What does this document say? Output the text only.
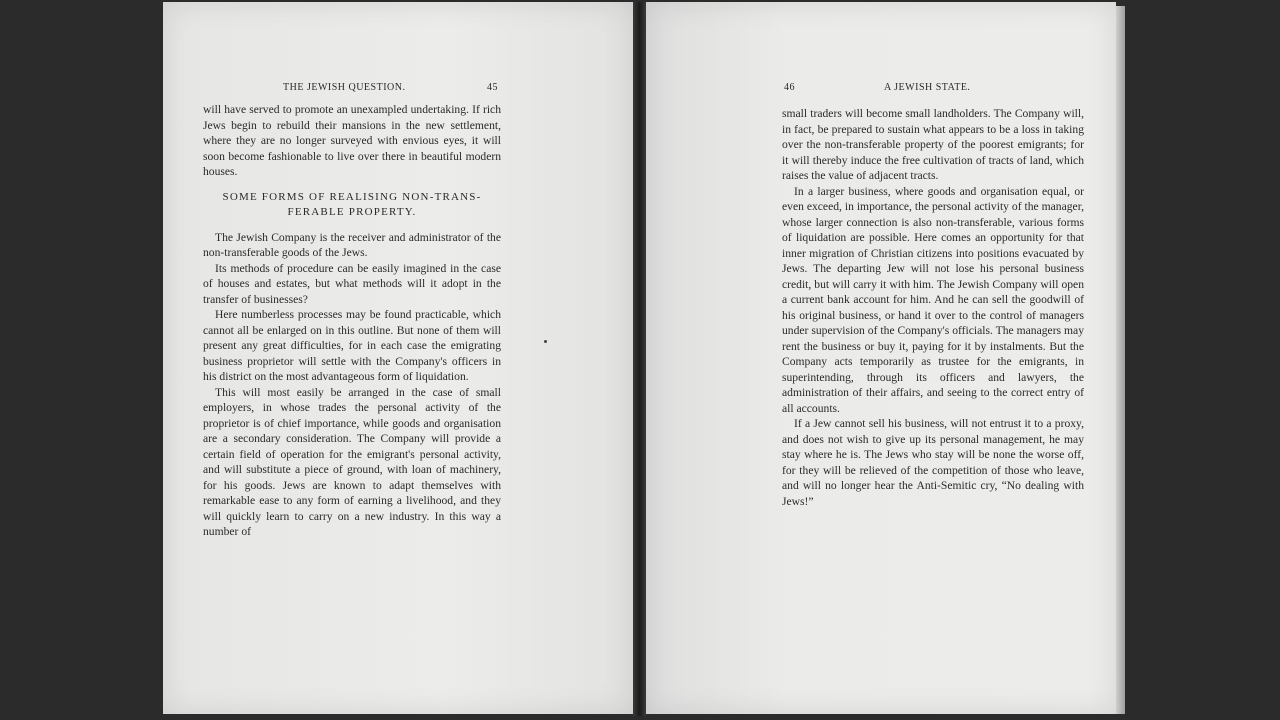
THE JEWISH QUESTION.	45

will have served to promote an unexampled undertaking. If rich Jews begin to rebuild their mansions in the new settlement, where they are no longer surveyed with envious eyes, it will soon become fashionable to live over there in beautiful modern houses.

SOME FORMS OF REALISING NON-TRANS-
FERABLE PROPERTY.

The Jewish Company is the receiver and administrator of the non-transferable goods of the Jews.

Its methods of procedure can be easily imagined in the case of houses and estates, but what methods will it adopt in the transfer of businesses?

Here numberless processes may be found practicable, which cannot all be enlarged on in this outline. But none of them will present any great difficulties, for in each case the emigrating business proprietor will settle with the Company's officers in his district on the most advantageous form of liquidation.

This will most easily be arranged in the case of small employers, in whose trades the personal activity of the proprietor is of chief importance, while goods and organisation are a secondary consideration. The Company will provide a certain field of operation for the emigrant's personal activity, and will substitute a piece of ground, with loan of machinery, for his goods. Jews are known to adapt themselves with remarkable ease to any form of earning a livelihood, and they will quickly learn to carry on a new industry. In this way a number of

46	A JEWISH STATE.

small traders will become small landholders. The Company will, in fact, be prepared to sustain what appears to be a loss in taking over the non-transferable property of the poorest emigrants; for it will thereby induce the free cultivation of tracts of land, which raises the value of adjacent tracts.

In a larger business, where goods and organisation equal, or even exceed, in importance, the personal activity of the manager, whose larger connection is also non-transferable, various forms of liquidation are possible. Here comes an opportunity for that inner migration of Christian citizens into positions evacuated by Jews. The departing Jew will not lose his personal business credit, but will carry it with him. The Jewish Company will open a current bank account for him. And he can sell the goodwill of his original business, or hand it over to the control of managers under supervision of the Company's officials. The managers may rent the business or buy it, paying for it by instalments. But the Company acts temporarily as trustee for the emigrants, in superintending, through its officers and lawyers, the administration of their affairs, and seeing to the correct entry of all accounts.

If a Jew cannot sell his business, will not entrust it to a proxy, and does not wish to give up its personal management, he may stay where he is. The Jews who stay will be none the worse off, for they will be relieved of the competition of those who leave, and will no longer hear the Anti-Semitic cry, “No dealing with Jews!”
